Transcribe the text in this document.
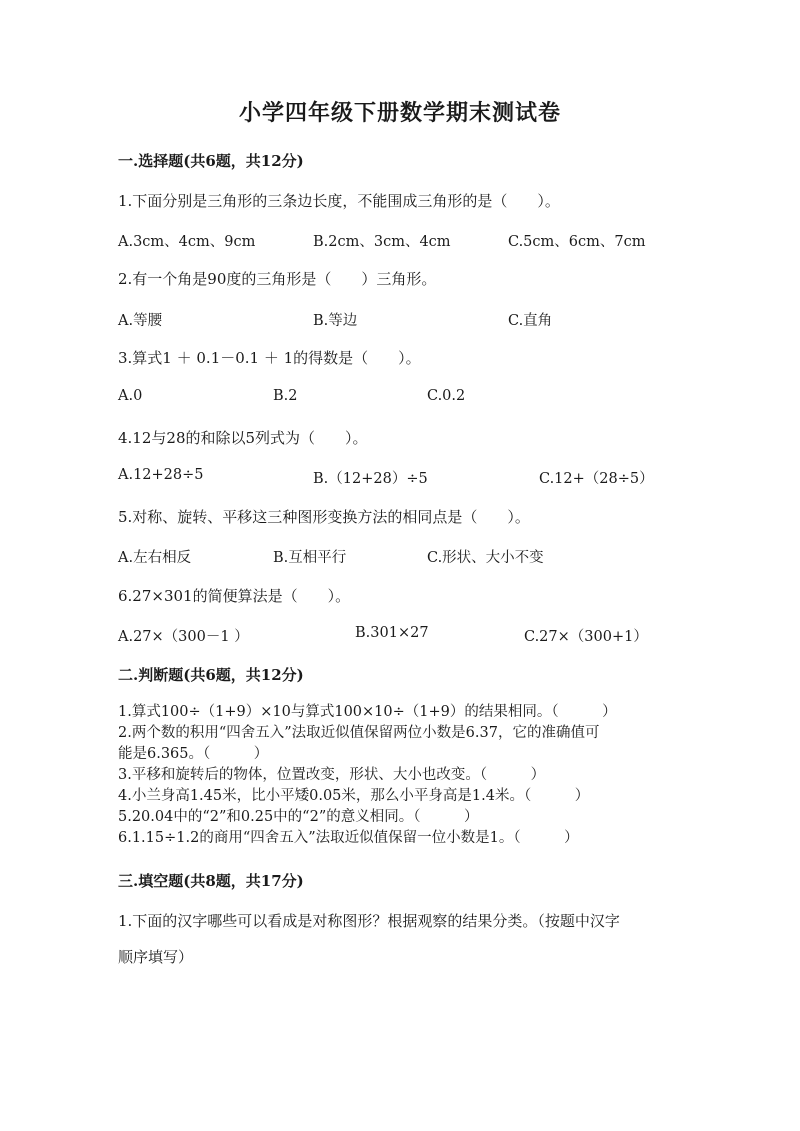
小学四年级下册数学期末测试卷
一.选择题(共6题，共12分)
1.下面分别是三角形的三条边长度，不能围成三角形的是（　　）。
A.3cm、4cm、9cm	B.2cm、3cm、4cm	C.5cm、6cm、7cm
2.有一个角是90度的三角形是（　　）三角形。
A.等腰	B.等边	C.直角
3.算式1 ＋ 0.1－0.1 ＋ 1的得数是（　　）。
A.0	B.2	C.0.2
4.12与28的和除以5列式为（　　）。
A.12+28÷5	B.（12+28）÷5	C.12+（28÷5）
5.对称、旋转、平移这三种图形变换方法的相同点是（　　）。
A.左右相反	B.互相平行	C.形状、大小不变
6.27×301的简便算法是（　　）。
A.27×（300－1 ）	B.301×27	C.27×（300+1）
二.判断题(共6题，共12分)
1.算式100÷（1+9）×10与算式100×10÷（1+9）的结果相同。（　　　）
2.两个数的积用“四舍五入”法取近似值保留两位小数是6.37，它的准确值可
能是6.365。（　　　）
3.平移和旋转后的物体，位置改变，形状、大小也改变。（　　　）
4.小兰身高1.45米，比小平矮0.05米，那么小平身高是1.4米。（　　　）
5.20.04中的“2”和0.25中的“2”的意义相同。（　　　）
6.1.15÷1.2的商用“四舍五入”法取近似值保留一位小数是1。（　　　）
三.填空题(共8题，共17分)
1.下面的汉字哪些可以看成是对称图形？根据观察的结果分类。（按题中汉字
顺序填写）
